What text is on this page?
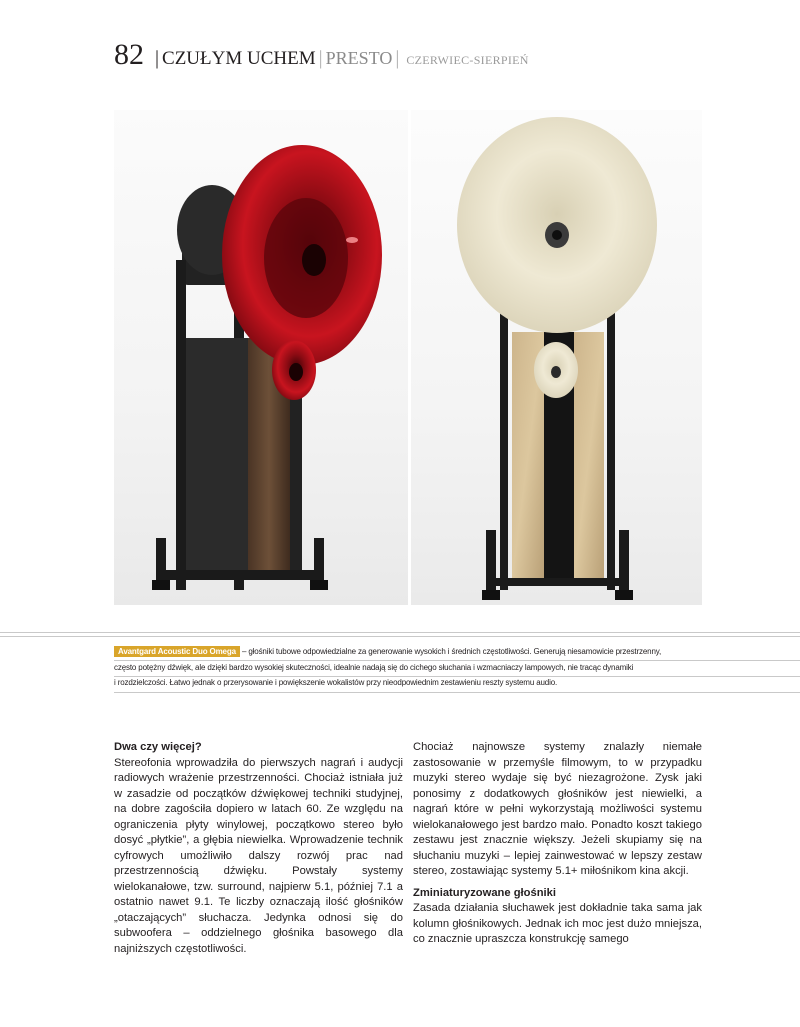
82 | CZUŁYM UCHEM | PRESTO | CZERWIEC-SIERPIEŃ
Avantgard Acoustic Duo Omega – głośniki tubowe odpowiedzialne za generowanie wysokich i średnich częstotliwości. Generują niesamowicie przestrzenny,
często potężny dźwięk, ale dzięki bardzo wysokiej skuteczności, idealnie nadają się do cichego słuchania i wzmacniaczy lampowych, nie tracąc dynamiki
i rozdzielczości. Łatwo jednak o przerysowanie i powiększenie wokalistów przy nieodpowiednim zestawieniu reszty systemu audio.
Dwa czy więcej?

Stereofonia wprowadziła do pierwszych nagrań i audycji radiowych wrażenie przestrzenności. Chociaż istniała już w zasadzie od początków dźwiękowej techniki studyjnej, na dobre zagościła dopiero w latach 60. Ze względu na ograniczenia płyty winylowej, początkowo stereo było dosyć „płytkie”, a głębia niewielka. Wprowadzenie technik cyfrowych umożliwiło dalszy rozwój prac nad przestrzennością dźwięku. Powstały systemy wielokanałowe, tzw. surround, najpierw 5.1, później 7.1 a ostatnio nawet 9.1. Te liczby oznaczają ilość głośników „otaczających” słuchacza. Jedynka odnosi się do subwoofera – oddzielnego głośnika basowego dla najniższych częstotliwości.

Chociaż najnowsze systemy znalazły niemałe zastosowanie w przemyśle filmowym, to w przypadku muzyki stereo wydaje się być niezagrożone. Zysk jaki ponosimy z dodatkowych głośników jest niewielki, a nagrań które w pełni wykorzystają możliwości systemu wielokanałowego jest bardzo mało. Ponadto koszt takiego zestawu jest znacznie większy. Jeżeli skupiamy się na słuchaniu muzyki – lepiej zainwestować w lepszy zestaw stereo, zostawiając systemy 5.1+ miłośnikom kina akcji.

Zminiaturyzowane głośniki

Zasada działania słuchawek jest dokładnie taka sama jak kolumn głośnikowych. Jednak ich moc jest dużo mniejsza, co znacznie upraszcza konstrukcję samego
